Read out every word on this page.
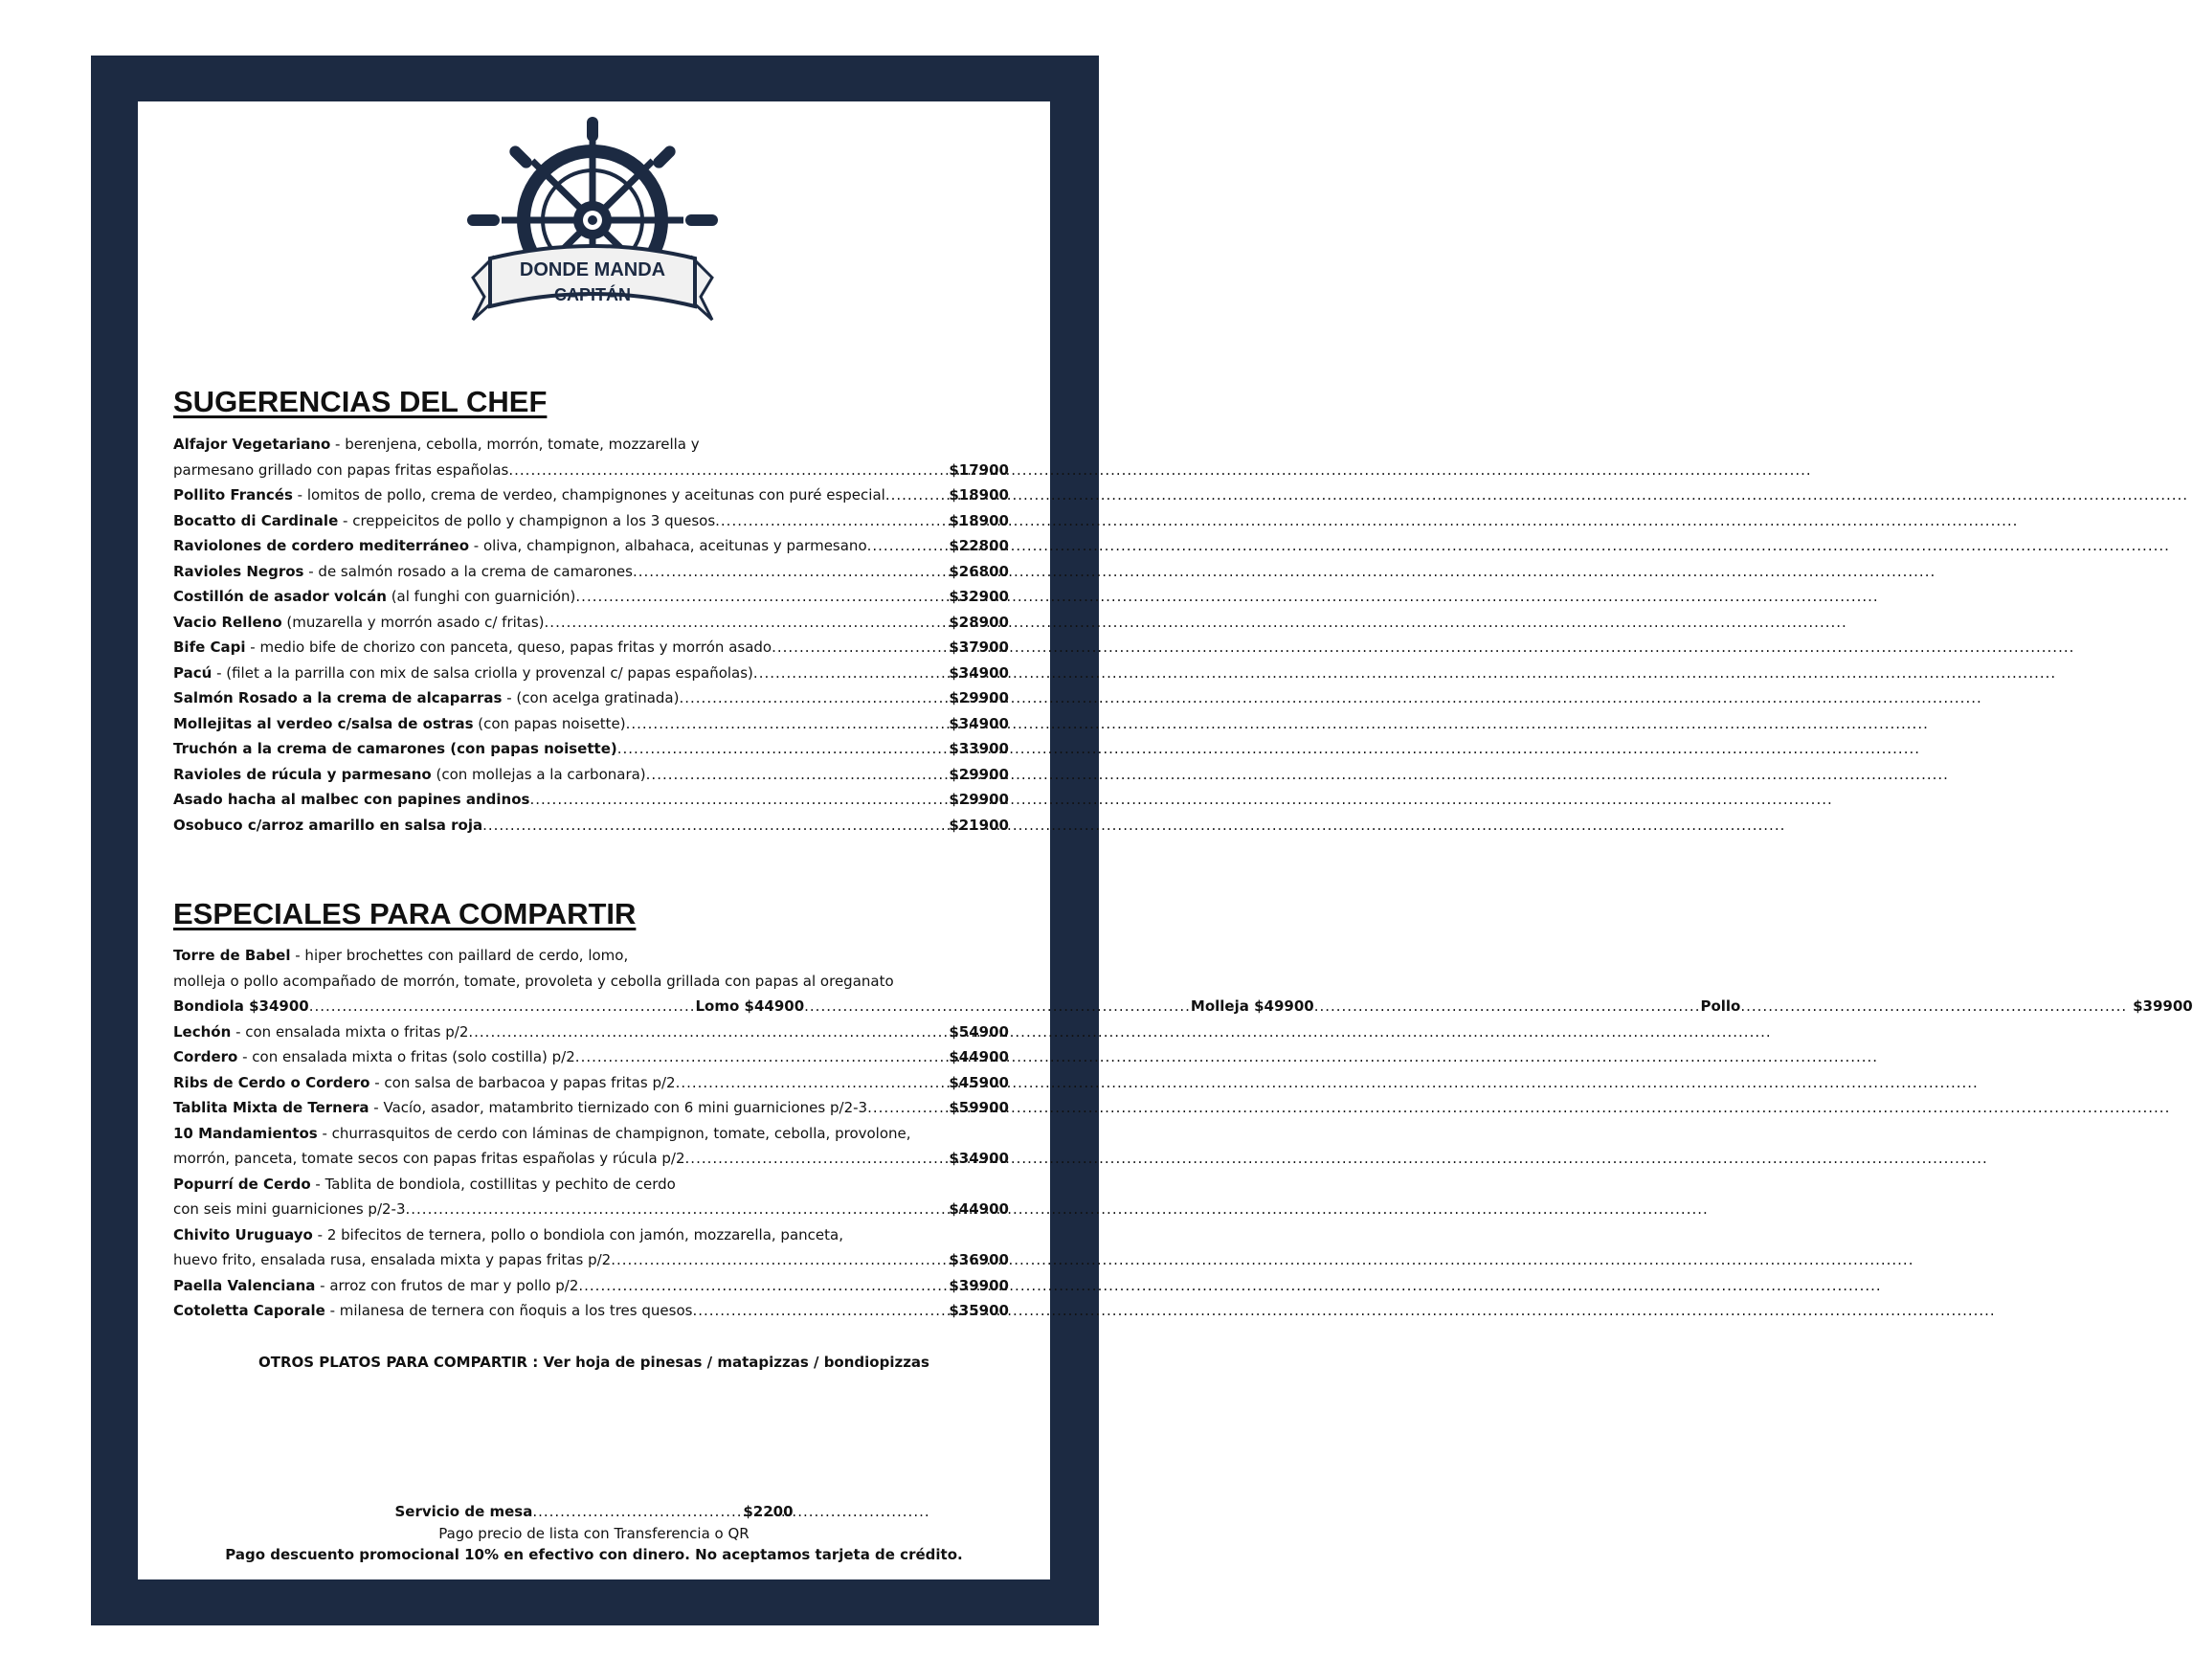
DONDE MANDA
CAPITÁN
SUGERENCIAS DEL CHEF
Alfajor Vegetariano - berenjena, cebolla, morrón, tomate, mozzarella y
parmesano grillado con papas fritas españolas .....	$17900
Pollito Francés - lomitos de pollo, crema de verdeo, champignones y aceitunas con puré especial .....	$18900
Bocatto di Cardinale - creppeicitos de pollo y champignon a los 3 quesos .....	$18900
Raviolones de cordero mediterráneo - oliva, champignon, albahaca, aceitunas y parmesano .....	$22800
Ravioles Negros - de salmón rosado a la crema de camarones .....	$26800
Costillón de asador volcán (al funghi con guarnición) .....	$32900
Vacio Relleno (muzarella y morrón asado c/ fritas) .....	$28900
Bife Capi - medio bife de chorizo con panceta, queso, papas fritas y morrón asado .....	$37900
Pacú - (filet a la parrilla con mix de salsa criolla y provenzal c/ papas españolas) .....	$34900
Salmón Rosado a la crema de alcaparras - (con acelga gratinada) .....	$29900
Mollejitas al verdeo c/salsa de ostras (con papas noisette) .....	$34900
Truchón a la crema de camarones (con papas noisette) .....	$33900
Ravioles de rúcula y parmesano (con mollejas a la carbonara) .....	$29900
Asado hacha al malbec con papines andinos .....	$29900
Osobuco c/arroz amarillo en salsa roja .....	$21900
ESPECIALES PARA COMPARTIR
Torre de Babel - hiper brochettes con paillard de cerdo, lomo,
molleja o pollo acompañado de morrón, tomate, provoleta y cebolla grillada con papas al oreganato
Bondiola $34900 .....	Lomo $44900 .....	Molleja $49900 .....	Pollo .....	$39900
Lechón - con ensalada mixta o fritas p/2 .....	$54900
Cordero - con ensalada mixta o fritas (solo costilla) p/2 .....	$44900
Ribs de Cerdo o Cordero - con salsa de barbacoa y papas fritas p/2 .....	$45900
Tablita Mixta de Ternera - Vacío, asador, matambrito tiernizado con 6 mini guarniciones p/2-3 .....	$59900
10 Mandamientos - churrasquitos de cerdo con láminas de champignon, tomate, cebolla, provolone,
morrón, panceta, tomate secos con papas fritas españolas y rúcula p/2 .....	$34900
Popurrí de Cerdo - Tablita de bondiola, costillitas y pechito de cerdo
con seis mini guarniciones p/2-3 .....	$44900
Chivito Uruguayo - 2 bifecitos de ternera, pollo o bondiola con jamón, mozzarella, panceta,
huevo frito, ensalada rusa, ensalada mixta y papas fritas p/2 .....	$36900
Paella Valenciana - arroz con frutos de mar y pollo p/2 .....	$39900
Cotoletta Caporale - milanesa de ternera con ñoquis a los tres quesos .....	$35900
OTROS PLATOS PARA COMPARTIR : Ver hoja de pinesas / matapizzas / bondiopizzas
Servicio de mesa .....	$2200
Pago precio de lista con Transferencia o QR
Pago descuento promocional 10% en efectivo con dinero. No aceptamos tarjeta de crédito.
